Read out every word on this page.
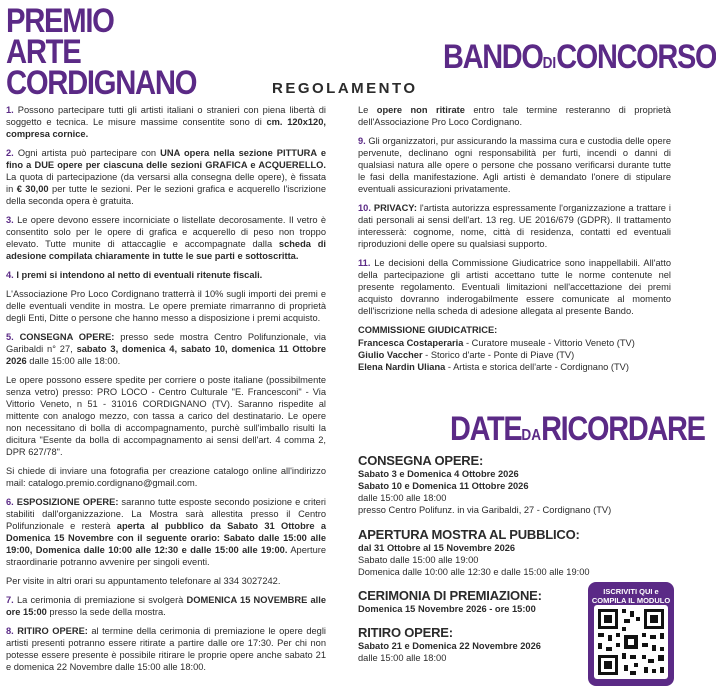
PREMIO ARTE
CORDIGNANO
BANDODICONCORSO
REGOLAMENTO

1. Possono partecipare tutti gli artisti italiani o stranieri con piena libertà di soggetto e tecnica. Le misure massime consentite sono di cm. 120x120, compresa cornice.

2. Ogni artista può partecipare con UNA opera nella sezione PITTURA e fino a DUE opere per ciascuna delle sezioni GRAFICA e ACQUERELLO. La quota di partecipazione (da versarsi alla consegna delle opere), è fissata in € 30,00 per tutte le sezioni. Per le sezioni grafica e acquerello l'iscrizione della seconda opera è gratuita.

3. Le opere devono essere incorniciate o listellate decorosamente. Il vetro è consentito solo per le opere di grafica e acquerello di peso non troppo elevato. Tutte munite di attaccaglie e accompagnate dalla scheda di adesione compilata chiaramente in tutte le sue parti e sottoscritta.

4. I premi si intendono al netto di eventuali ritenute fiscali.

L'Associazione Pro Loco Cordignano tratterrà il 10% sugli importi dei premi e delle eventuali vendite in mostra. Le opere premiate rimarranno di proprietà degli Enti, Ditte o persone che hanno messo a disposizione i premi acquisto.

5. CONSEGNA OPERE: presso sede mostra Centro Polifunzionale, via Garibaldi n° 27, sabato 3, domenica 4, sabato 10, domenica 11 Ottobre 2026 dalle 15:00 alle 18:00.

Le opere possono essere spedite per corriere o poste italiane (possibilmente senza vetro) presso: PRO LOCO - Centro Culturale "E. Francesconi" - Via Vittorio Veneto, n 51 - 31016 CORDIGNANO (TV). Saranno rispedite al mittente con analogo mezzo, con tassa a carico del destinatario. Le opere non necessitano di bolla di accompagnamento, purchè sull'imballo risulti la dicitura "Esente da bolla di accompagnamento ai sensi dell'art. 4 comma 2, DPR 627/78".

Si chiede di inviare una fotografia per creazione catalogo online all'indirizzo mail: catalogo.premio.cordignano@gmail.com.

6. ESPOSIZIONE OPERE: saranno tutte esposte secondo posizione e criteri stabiliti dall'organizzazione. La Mostra sarà allestita presso il Centro Polifunzionale e resterà aperta al pubblico da Sabato 31 Ottobre a Domenica 15 Novembre con il seguente orario: Sabato dalle 15:00 alle 19:00, Domenica dalle 10:00 alle 12:30 e dalle 15:00 alle 19:00. Aperture straordinarie potranno avvenire per singoli eventi.

Per visite in altri orari su appuntamento telefonare al 334 3027242.

7. La cerimonia di premiazione si svolgerà DOMENICA 15 NOVEMBRE alle ore 15:00 presso la sede della mostra.

8. RITIRO OPERE: al termine della cerimonia di premiazione le opere degli artisti presenti potranno essere ritirate a partire dalle ore 17:30. Per chi non potesse essere presente è possibile ritirare le proprie opere anche sabato 21 e domenica 22 Novembre dalle 15:00 alle 18:00.

Le opere non ritirate entro tale termine resteranno di proprietà dell'Associazione Pro Loco Cordignano.

9. Gli organizzatori, pur assicurando la massima cura e custodia delle opere pervenute, declinano ogni responsabilità per furti, incendi o danni di qualsiasi natura alle opere o persone che possano verificarsi durante tutte le fasi della manifestazione. Agli artisti è demandato l'onere di stipulare eventuali assicurazioni privatamente.

10. PRIVACY: l'artista autorizza espressamente l'organizzazione a trattare i dati personali ai sensi dell'art. 13 reg. UE 2016/679 (GDPR). Il trattamento interesserà: cognome, nome, città di residenza, contatti ed eventuali riproduzioni delle opere su qualsiasi supporto.

11. Le decisioni della Commissione Giudicatrice sono inappellabili. All'atto della partecipazione gli artisti accettano tutte le norme contenute nel presente regolamento. Eventuali limitazioni nell'accettazione dei premi acquisto dovranno inderogabilmente essere comunicate al momento dell'iscrizione nella scheda di adesione allegata al presente Bando.

COMMISSIONE GIUDICATRICE:
Francesca Costaperaria - Curatore museale - Vittorio Veneto (TV)
Giulio Vaccher - Storico d'arte - Ponte di Piave (TV)
Elena Nardin Uliana - Artista e storica dell'arte - Cordignano (TV)
DATEDARICORDARE
CONSEGNA OPERE:
Sabato 3 e Domenica 4 Ottobre 2026
Sabato 10 e Domenica 11 Ottobre 2026
dalle 15:00 alle 18:00
presso Centro Polifunz. in via Garibaldi, 27 - Cordignano (TV)
APERTURA MOSTRA AL PUBBLICO:
dal 31 Ottobre al 15 Novembre 2026
Sabato dalle 15:00 alle 19:00
Domenica dalle 10:00 alle 12:30 e dalle 15:00 alle 19:00
CERIMONIA DI PREMIAZIONE:
Domenica 15 Novembre 2026 - ore 15:00
RITIRO OPERE:
Sabato 21 e Domenica 22 Novembre 2026
dalle 15:00 alle 18:00
ISCRIVITI QUI e
COMPILA IL MODULO
